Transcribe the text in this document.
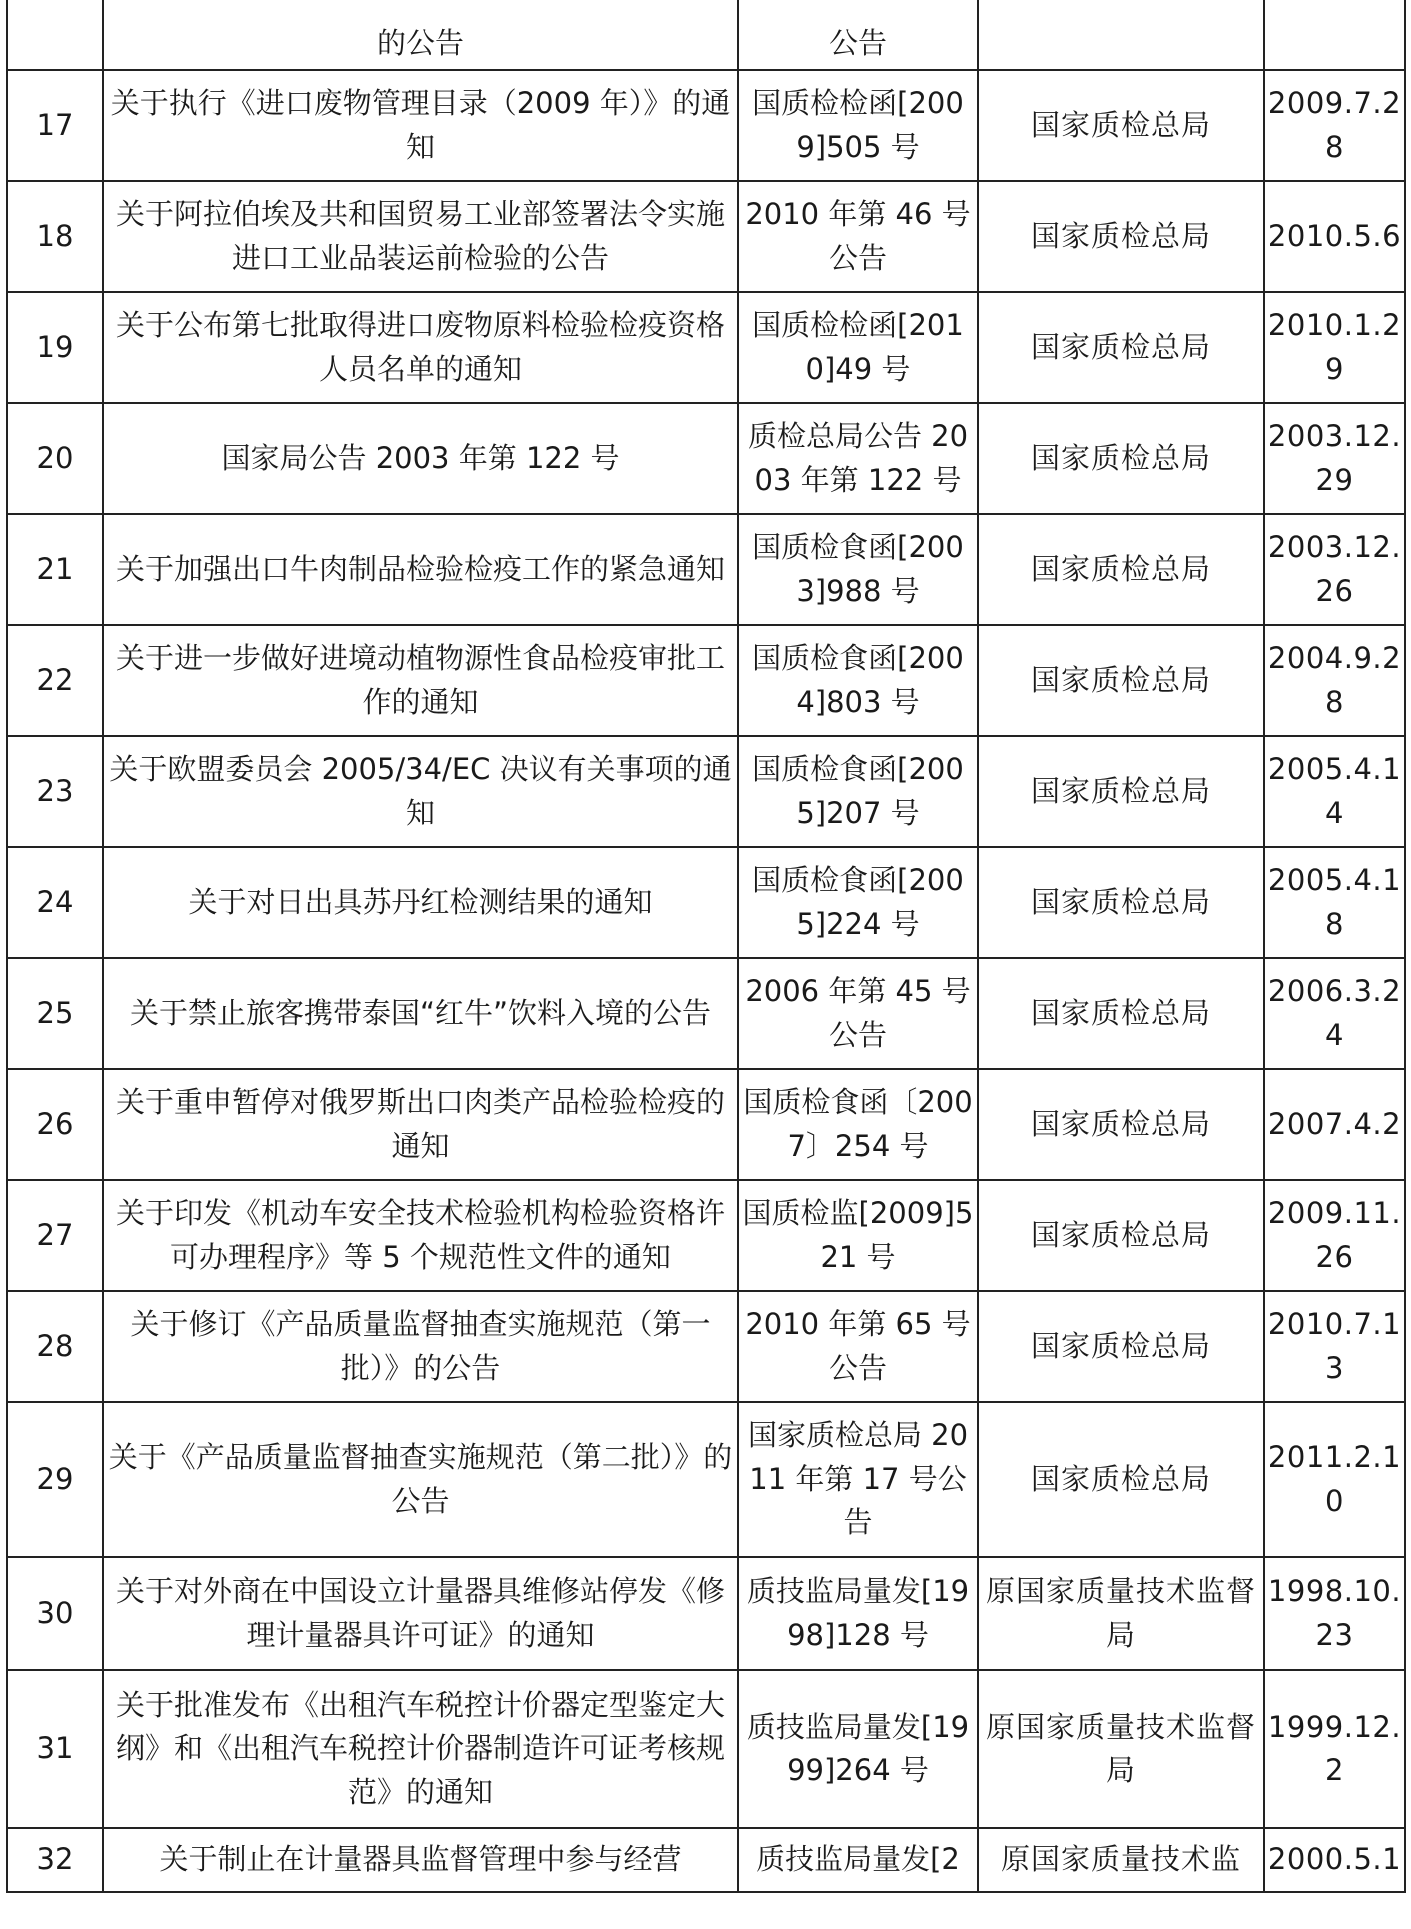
	的公告	公告		
17	关于执行《进口废物管理目录（2009 年）》的通知	国质检检函[2009]505 号	国家质检总局	2009.7.28
18	关于阿拉伯埃及共和国贸易工业部签署法令实施进口工业品装运前检验的公告	2010 年第 46 号公告	国家质检总局	2010.5.6
19	关于公布第七批取得进口废物原料检验检疫资格人员名单的通知	国质检检函[2010]49 号	国家质检总局	2010.1.29
20	国家局公告 2003 年第 122 号	质检总局公告 2003 年第 122 号	国家质检总局	2003.12.29
21	关于加强出口牛肉制品检验检疫工作的紧急通知	国质检食函[2003]988 号	国家质检总局	2003.12.26
22	关于进一步做好进境动植物源性食品检疫审批工作的通知	国质检食函[2004]803 号	国家质检总局	2004.9.28
23	关于欧盟委员会 2005/34/EC 决议有关事项的通知	国质检食函[2005]207 号	国家质检总局	2005.4.14
24	关于对日出具苏丹红检测结果的通知	国质检食函[2005]224 号	国家质检总局	2005.4.18
25	关于禁止旅客携带泰国“红牛”饮料入境的公告	2006 年第 45 号公告	国家质检总局	2006.3.24
26	关于重申暂停对俄罗斯出口肉类产品检验检疫的通知	国质检食函〔2007〕254 号	国家质检总局	2007.4.2
27	关于印发《机动车安全技术检验机构检验资格许可办理程序》等 5 个规范性文件的通知	国质检监[2009]521 号	国家质检总局	2009.11.26
28	关于修订《产品质量监督抽查实施规范（第一批）》的公告	2010 年第 65 号公告	国家质检总局	2010.7.13
29	关于《产品质量监督抽查实施规范（第二批）》的公告	国家质检总局 2011 年第 17 号公告	国家质检总局	2011.2.10
30	关于对外商在中国设立计量器具维修站停发《修理计量器具许可证》的通知	质技监局量发[1998]128 号	原国家质量技术监督局	1998.10.23
31	关于批准发布《出租汽车税控计价器定型鉴定大纲》和《出租汽车税控计价器制造许可证考核规范》的通知	质技监局量发[1999]264 号	原国家质量技术监督局	1999.12.2
32	关于制止在计量器具监督管理中参与经营	质技监局量发[2	原国家质量技术监	2000.5.1
